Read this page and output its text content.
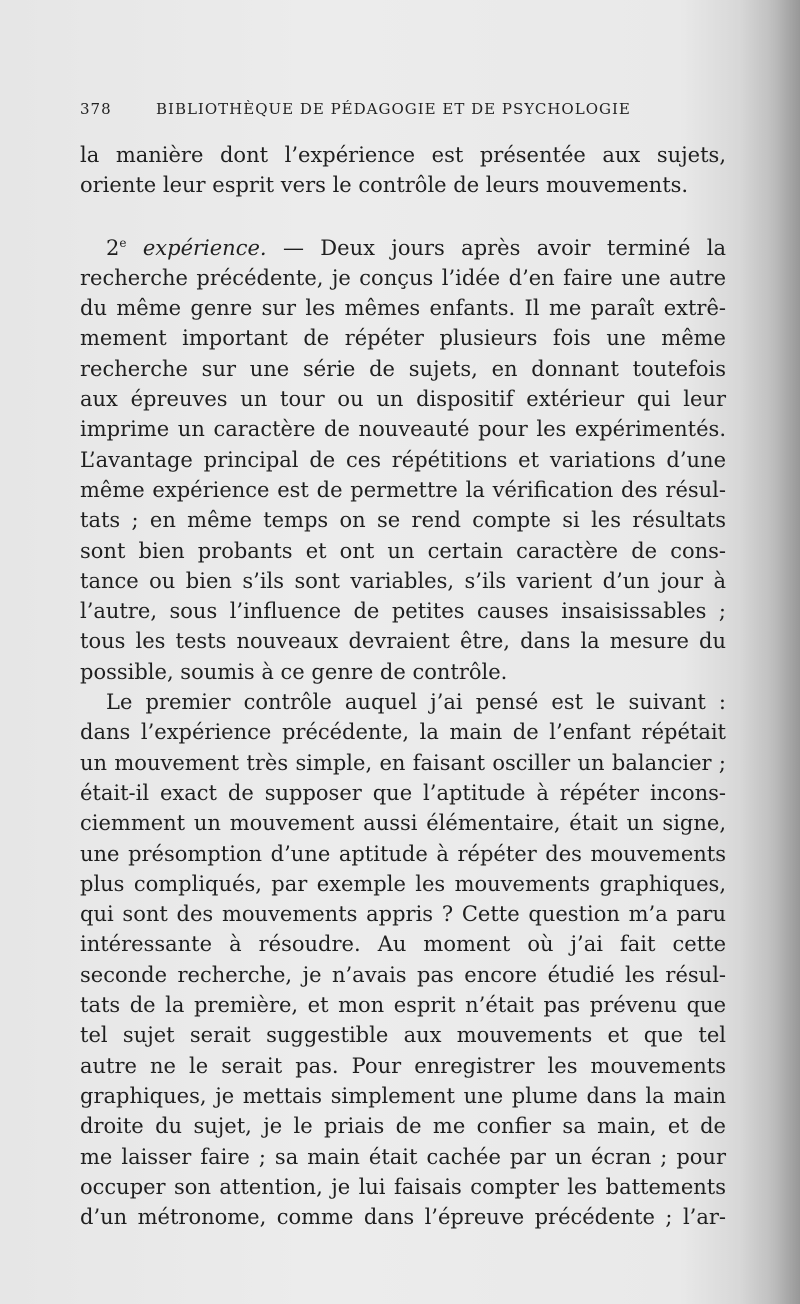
378	BIBLIOTHÈQUE DE PÉDAGOGIE ET DE PSYCHOLOGIE
la manière dont l’expérience est présentée aux sujets,
oriente leur esprit vers le contrôle de leurs mouvements.
2e expérience. — Deux jours après avoir terminé la
recherche précédente, je conçus l’idée d’en faire une autre
du même genre sur les mêmes enfants. Il me paraît extrê-
mement important de répéter plusieurs fois une même
recherche sur une série de sujets, en donnant toutefois
aux épreuves un tour ou un dispositif extérieur qui leur
imprime un caractère de nouveauté pour les expérimentés.
L’avantage principal de ces répétitions et variations d’une
même expérience est de permettre la vérification des résul-
tats ; en même temps on se rend compte si les résultats
sont bien probants et ont un certain caractère de cons-
tance ou bien s’ils sont variables, s’ils varient d’un jour à
l’autre, sous l’influence de petites causes insaisissables ;
tous les tests nouveaux devraient être, dans la mesure du
possible, soumis à ce genre de contrôle.
Le premier contrôle auquel j’ai pensé est le suivant :
dans l’expérience précédente, la main de l’enfant répétait
un mouvement très simple, en faisant osciller un balancier ;
était-il exact de supposer que l’aptitude à répéter incons-
ciemment un mouvement aussi élémentaire, était un signe,
une présomption d’une aptitude à répéter des mouvements
plus compliqués, par exemple les mouvements graphiques,
qui sont des mouvements appris ? Cette question m’a paru
intéressante à résoudre. Au moment où j’ai fait cette
seconde recherche, je n’avais pas encore étudié les résul-
tats de la première, et mon esprit n’était pas prévenu que
tel sujet serait suggestible aux mouvements et que tel
autre ne le serait pas. Pour enregistrer les mouvements
graphiques, je mettais simplement une plume dans la main
droite du sujet, je le priais de me confier sa main, et de
me laisser faire ; sa main était cachée par un écran ; pour
occuper son attention, je lui faisais compter les battements
d’un métronome, comme dans l’épreuve précédente ; l’ar-
